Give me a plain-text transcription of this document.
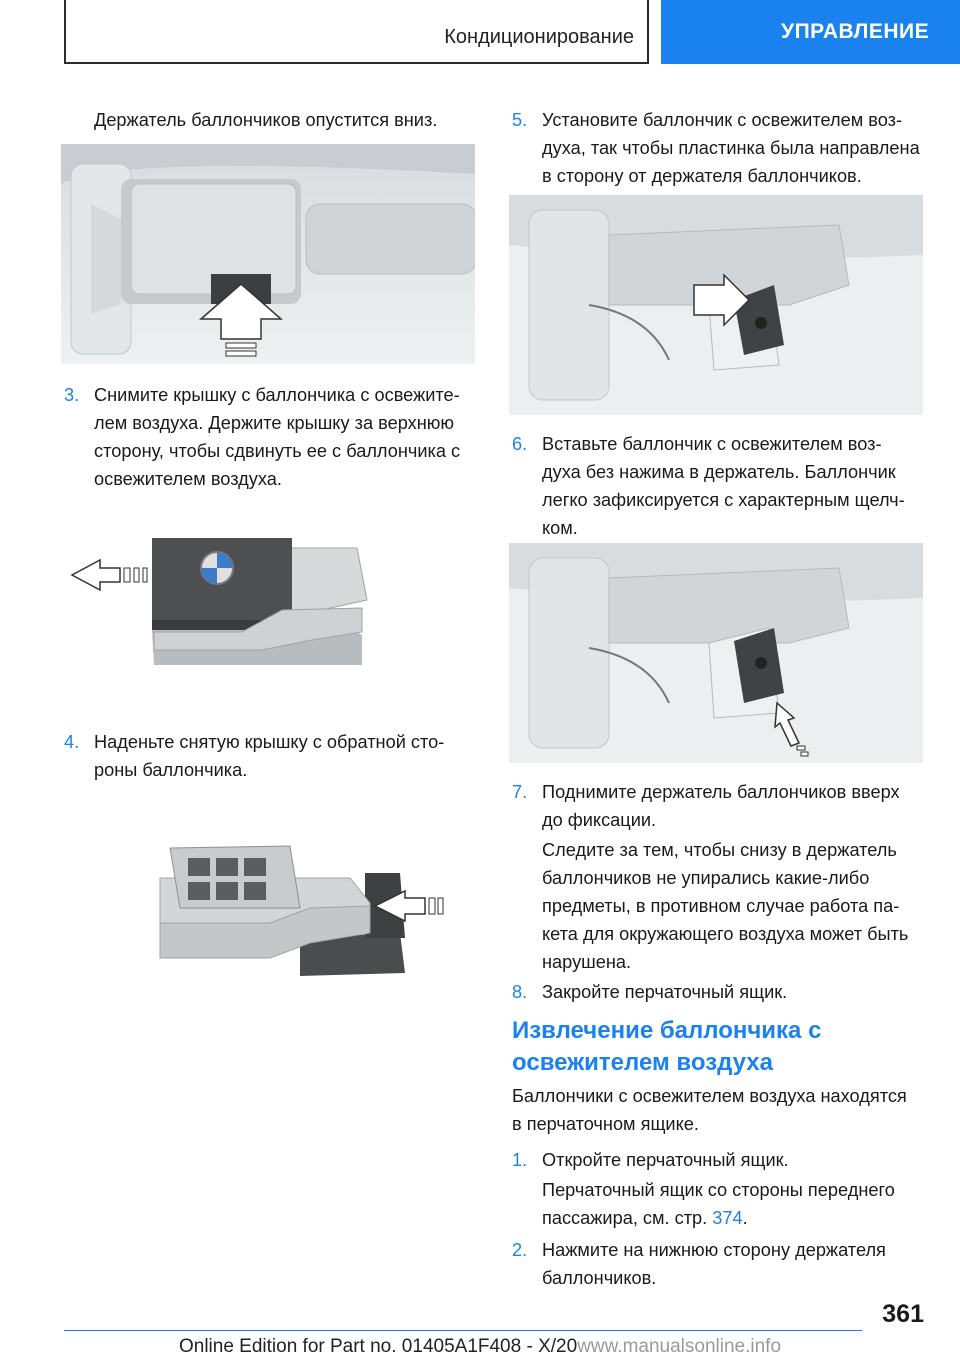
Кондиционирование	УПРАВЛЕНИЕ

Держатель баллончиков опустится вниз.

3. Снимите крышку с баллончика с освежите‐

лем воздуха. Держите крышку за верхнюю

сторону, чтобы сдвинуть ее с баллончика с

освежителем воздуха.

4. Наденьте снятую крышку с обратной сто‐

роны баллончика.

5. Установите баллончик с освежителем воз‐

духа, так чтобы пластинка была направлена

в сторону от держателя баллончиков.

6. Вставьте баллончик с освежителем воз‐

духа без нажима в держатель. Баллончик

легко зафиксируется с характерным щелч‐

ком.

7. Поднимите держатель баллончиков вверх

до фиксации.

Следите за тем, чтобы снизу в держатель

баллончиков не упирались какие-либо

предметы, в противном случае работа па‐

кета для окружающего воздуха может быть

нарушена.

8. Закройте перчаточный ящик.

Извлечение баллончика с
освежителем воздуха

Баллончики с освежителем воздуха находятся

в перчаточном ящике.

1. Откройте перчаточный ящик.

Перчаточный ящик со стороны переднего

пассажира, см. стр. 374.

2. Нажмите на нижнюю сторону держателя

баллончиков.

361
Online Edition for Part no. 01405A1F408 - X/20www.manualsonline.info
